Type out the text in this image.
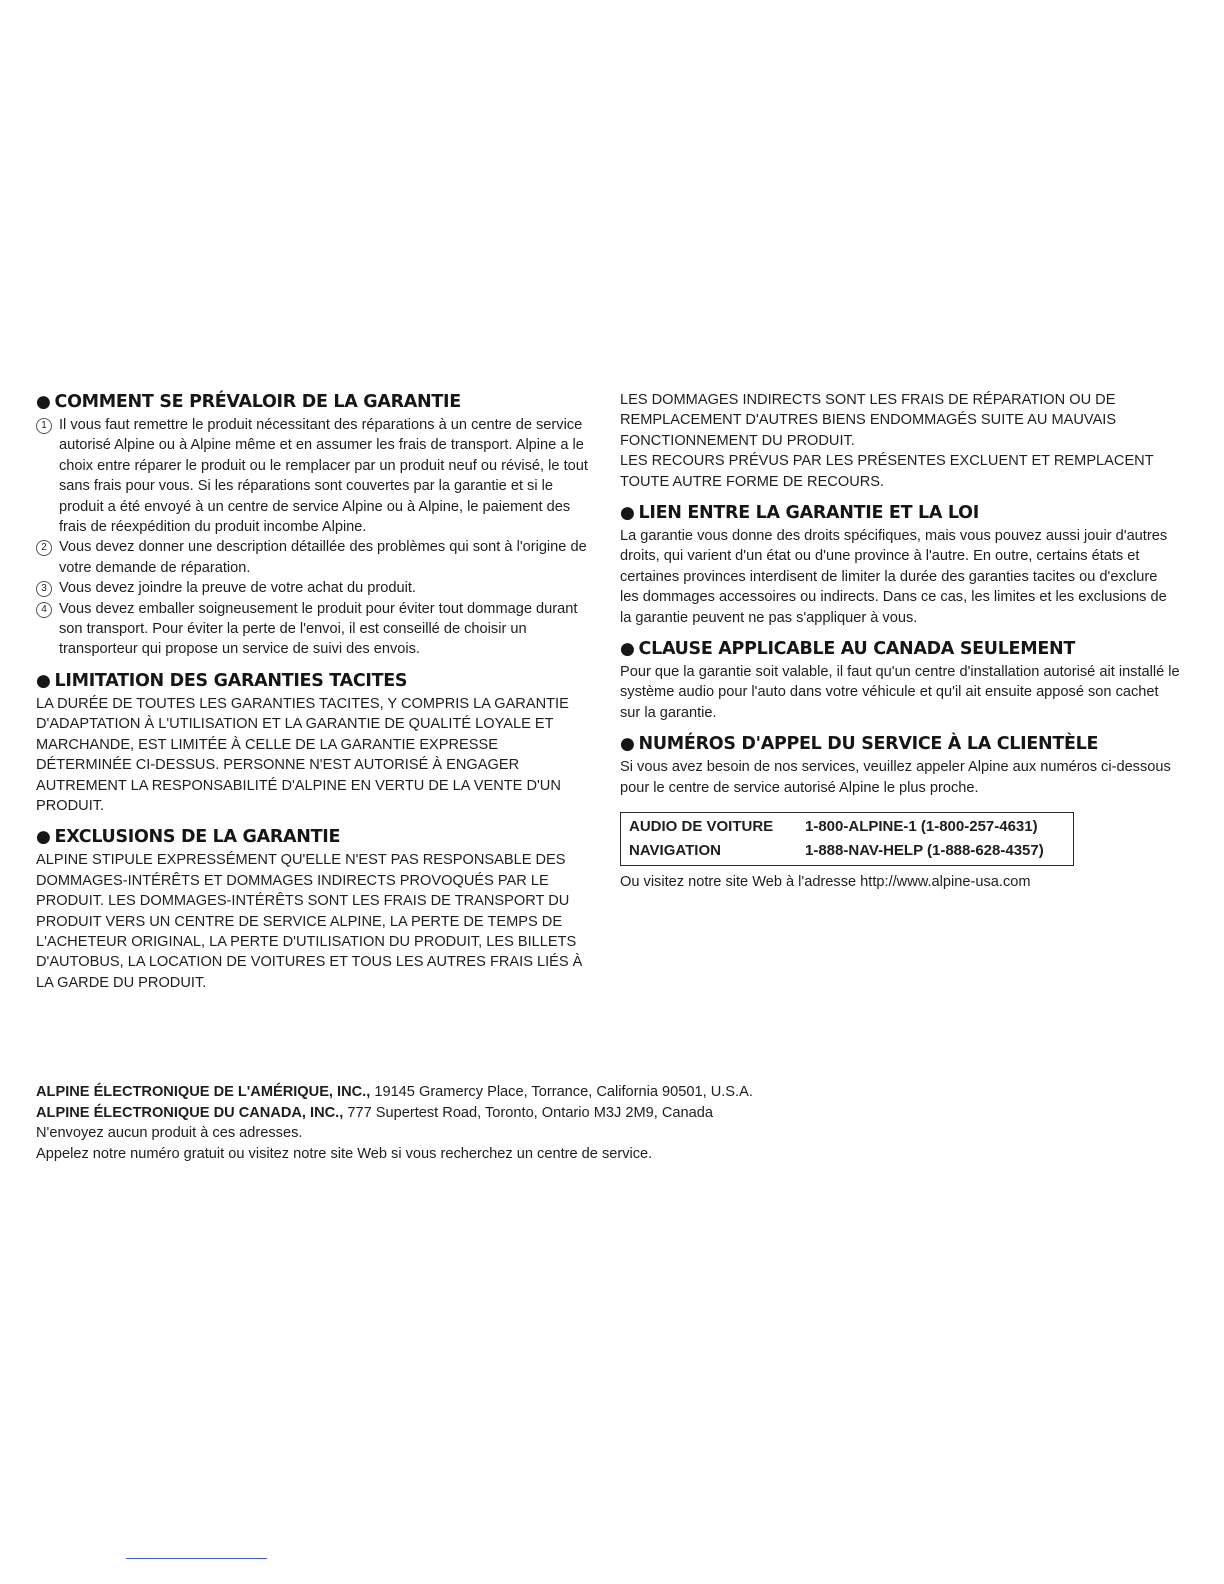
● COMMENT SE PRÉVALOIR DE LA GARANTIE
1 Il vous faut remettre le produit nécessitant des réparations à un centre de service autorisé Alpine ou à Alpine même et en assumer les frais de transport. Alpine a le choix entre réparer le produit ou le remplacer par un produit neuf ou révisé, le tout sans frais pour vous. Si les réparations sont couvertes par la garantie et si le produit a été envoyé à un centre de service Alpine ou à Alpine, le paiement des frais de réexpédition du produit incombe Alpine.
2 Vous devez donner une description détaillée des problèmes qui sont à l'origine de votre demande de réparation.
3 Vous devez joindre la preuve de votre achat du produit.
4 Vous devez emballer soigneusement le produit pour éviter tout dommage durant son transport. Pour éviter la perte de l'envoi, il est conseillé de choisir un transporteur qui propose un service de suivi des envois.
● LIMITATION DES GARANTIES TACITES

LA DURÉE DE TOUTES LES GARANTIES TACITES, Y COMPRIS LA GARANTIE D'ADAPTATION À L'UTILISATION ET LA GARANTIE DE QUALITÉ LOYALE ET MARCHANDE, EST LIMITÉE À CELLE DE LA GARANTIE EXPRESSE DÉTERMINÉE CI-DESSUS. PERSONNE N'EST AUTORISÉ À ENGAGER AUTREMENT LA RESPONSABILITÉ D'ALPINE EN VERTU DE LA VENTE D'UN PRODUIT.

● EXCLUSIONS DE LA GARANTIE

ALPINE STIPULE EXPRESSÉMENT QU'ELLE N'EST PAS RESPONSABLE DES DOMMAGES-INTÉRÊTS ET DOMMAGES INDIRECTS PROVOQUÉS PAR LE PRODUIT. LES DOMMAGES-INTÉRÊTS SONT LES FRAIS DE TRANSPORT DU PRODUIT VERS UN CENTRE DE SERVICE ALPINE, LA PERTE DE TEMPS DE L'ACHETEUR ORIGINAL, LA PERTE D'UTILISATION DU PRODUIT, LES BILLETS D'AUTOBUS, LA LOCATION DE VOITURES ET TOUS LES AUTRES FRAIS LIÉS À LA GARDE DU PRODUIT.

LES DOMMAGES INDIRECTS SONT LES FRAIS DE RÉPARATION OU DE REMPLACEMENT D'AUTRES BIENS ENDOMMAGÉS SUITE AU MAUVAIS FONCTIONNEMENT DU PRODUIT.

LES RECOURS PRÉVUS PAR LES PRÉSENTES EXCLUENT ET REMPLACENT TOUTE AUTRE FORME DE RECOURS.

● LIEN ENTRE LA GARANTIE ET LA LOI

La garantie vous donne des droits spécifiques, mais vous pouvez aussi jouir d'autres droits, qui varient d'un état ou d'une province à l'autre. En outre, certains états et certaines provinces interdisent de limiter la durée des garanties tacites ou d'exclure les dommages accessoires ou indirects. Dans ce cas, les limites et les exclusions de la garantie peuvent ne pas s'appliquer à vous.

● CLAUSE APPLICABLE AU CANADA SEULEMENT

Pour que la garantie soit valable, il faut qu'un centre d'installation autorisé ait installé le système audio pour l'auto dans votre véhicule et qu'il ait ensuite apposé son cachet sur la garantie.

● NUMÉROS D'APPEL DU SERVICE À LA CLIENTÈLE

Si vous avez besoin de nos services, veuillez appeler Alpine aux numéros ci-dessous pour le centre de service autorisé Alpine le plus proche.

AUDIO DE VOITURE	1-800-ALPINE-1 (1-800-257-4631)
NAVIGATION	1-888-NAV-HELP (1-888-628-4357)

Ou visitez notre site Web à l'adresse http://www.alpine-usa.com

ALPINE ÉLECTRONIQUE DE L'AMÉRIQUE, INC., 19145 Gramercy Place, Torrance, California 90501, U.S.A.

ALPINE ÉLECTRONIQUE DU CANADA, INC., 777 Supertest Road, Toronto, Ontario M3J 2M9, Canada

N'envoyez aucun produit à ces adresses.

Appelez notre numéro gratuit ou visitez notre site Web si vous recherchez un centre de service.
